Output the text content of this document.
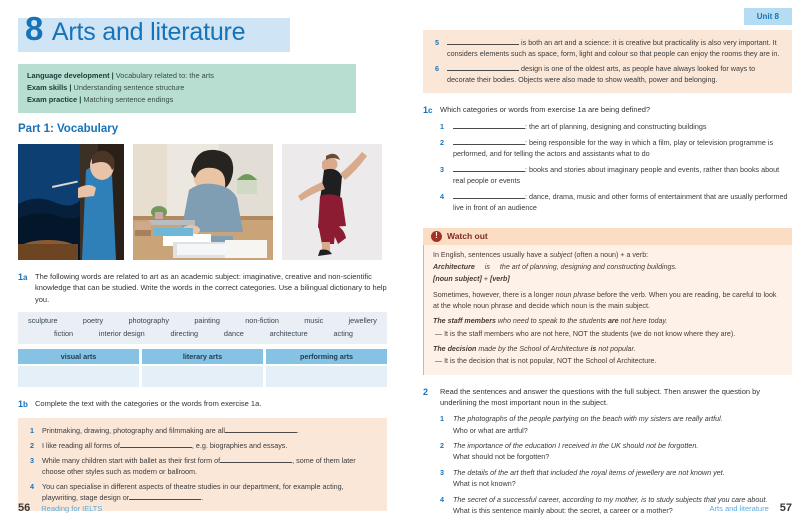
8 Arts and literature
Language development | Vocabulary related to: the arts
Exam skills | Understanding sentence structure
Exam practice | Matching sentence endings
Part 1: Vocabulary
1a	The following words are related to art as an academic subject: imaginative, creative and non-scientific knowledge that can be studied. Write the words in the correct categories. Use a bilingual dictionary to help you.
sculpture	poetry	photography	painting	non-fiction	music	jewellery
fiction	interior design	directing	dance	architecture	acting
visual arts	literary arts	performing arts
1b Complete the text with the categories or the words from exercise 1a.
1	Printmaking, drawing, photography and filmmaking are all	.
2	I like reading all forms of	, e.g. biographies and essays.
3	While many children start with ballet as their first form of	, some of them later choose other styles such as modern or ballroom.
4	You can specialise in different aspects of theatre studies in our department, for example acting, playwriting, stage design or	.
56 Reading for IELTS
Unit 8
5	is both an art and a science: it is creative but practicality is also very important. It considers elements such as space, form, light and colour so that people can enjoy the rooms they are in.
6	design is one of the oldest arts, as people have always looked for ways to decorate their bodies. Objects were also made to show wealth, power and belonging.
1c	Which categories or words from exercise 1a are being defined?
1	: the art of planning, designing and constructing buildings
2	: being responsible for the way in which a film, play or television programme is performed, and for telling the actors and assistants what to do
3	: books and stories about imaginary people and events, rather than books about real people or events
4	: dance, drama, music and other forms of entertainment that are usually performed live in front of an audience
!	Watch out

In English, sentences usually have a subject (often a noun) + a verb:

Architecture is the art of planning, designing and constructing buildings.

[noun subject] + [verb]

Sometimes, however, there is a longer noun phrase before the verb. When you are reading, be careful to look at the whole noun phrase and decide which noun is the main subject.

The staff members who need to speak to the students are not here today.

— It is the staff members who are not here, NOT the students (we do not know where they are).

The decision made by the School of Architecture is not popular.

— It is the decision that is not popular, NOT the School of Architecture.

2	Read the sentences and answer the questions with the full subject. Then answer the question by underlining the most important noun in the subject.
1	The photographs of the people partying on the beach with my sisters are really artful.
Who or what are artful?
2	The importance of the education I received in the UK should not be forgotten.
What should not be forgotten?
3	The details of the art theft that included the royal items of jewellery are not known yet.
What is not known?
4	The secret of a successful career, according to my mother, is to study subjects that you care about.
What is this sentence mainly about: the secret, a career or a mother?	Arts and literature 57
